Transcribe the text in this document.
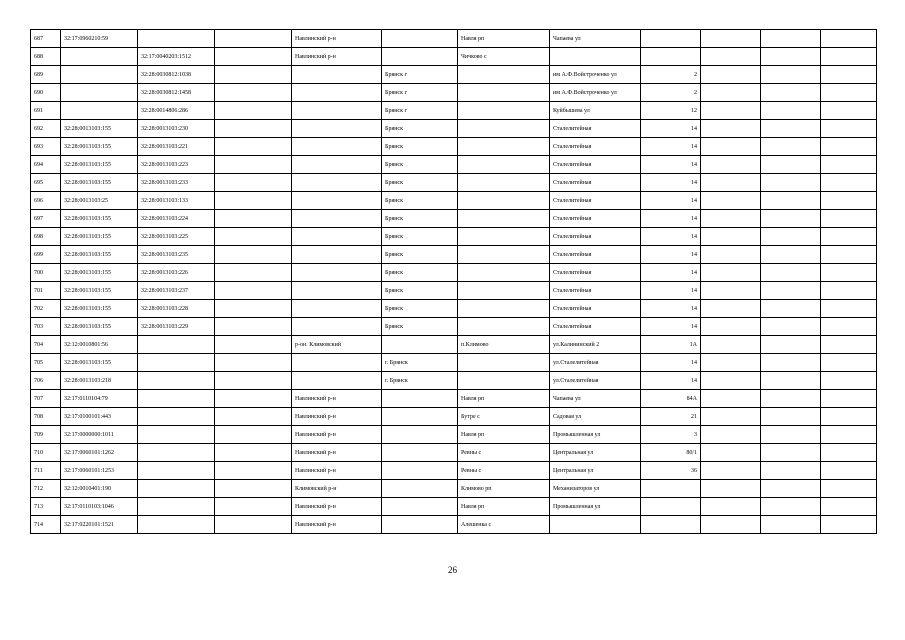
687	32:17:0960210:59			Навлинский р-н		Навля рп	Чапаева ул				
688		32:17:0040203:1512		Навлинский р-н		Чичково с					
689		32:28:0030812:1038			Брянск г		им А.Ф.Войстроченко ул	2			
690		32:28:0030812:1458			Брянск г		им А.Ф.Войстроченко ул	2			
691		32:28:0014806:286			Брянск г		Куйбышева ул	12			
692	32:28:0013103:155	32:28:0013103:230			Брянск		Сталелитейная	14			
693	32:28:0013103:155	32:28:0013103:221			Брянск		Сталелитейная	14			
694	32:28:0013103:155	32:28:0013103:223			Брянск		Сталелитейная	14			
695	32:28:0013103:155	32:28:0013103:233			Брянск		Сталелитейная	14			
696	32:28:0013103:25	32:28:0013103:133			Брянск		Сталелитейная	14			
697	32:28:0013103:155	32:28:0013103:224			Брянск		Сталелитейная	14			
698	32:28:0013103:155	32:28:0013103:225			Брянск		Сталелитейная	14			
699	32:28:0013103:155	32:28:0013103:235			Брянск		Сталелитейная	14			
700	32:28:0013103:155	32:28:0013103:226			Брянск		Сталелитейная	14			
701	32:28:0013103:155	32:28:0013103:237			Брянск		Сталелитейная	14			
702	32:28:0013103:155	32:28:0013103:228			Брянск		Сталелитейная	14			
703	32:28:0013103:155	32:28:0013103:229			Брянск		Сталелитейная	14			
704	32:12:0010801:56			р-он. Климовский		п.Климово	ул.Калининский 2	1А			
705	32:28:0013103:155				г. Брянск		ул.Сталелитейная	14			
706	32:28:0013103:218				г. Брянск		ул.Сталелитейная	14			
707	32:17:0110104:79			Навлинский р-н		Навля рп	Чапаева ул	84А			
708	32:17:0100101:443			Навлинский р-н		Бутре с	Садовая ул	21			
709	32:17:0000000:1011			Навлинский р-н		Навля рп	Промышленная ул	3			
710	32:17:0060101:1262			Навлинский р-н		Ревны с	Центральная ул	80/1			
711	32:17:0060101:1253			Навлинский р-н		Ревны с	Центральная ул	36			
712	32:12:0010401:190			Климовский р-н		Климово рп	Механизаторов ул				
713	32:17:0110103:1046			Навлинский р-н		Навля рп	Промышленная ул				
714	32:17:0220101:1521			Навлинский р-н		Алешенка с					
26
